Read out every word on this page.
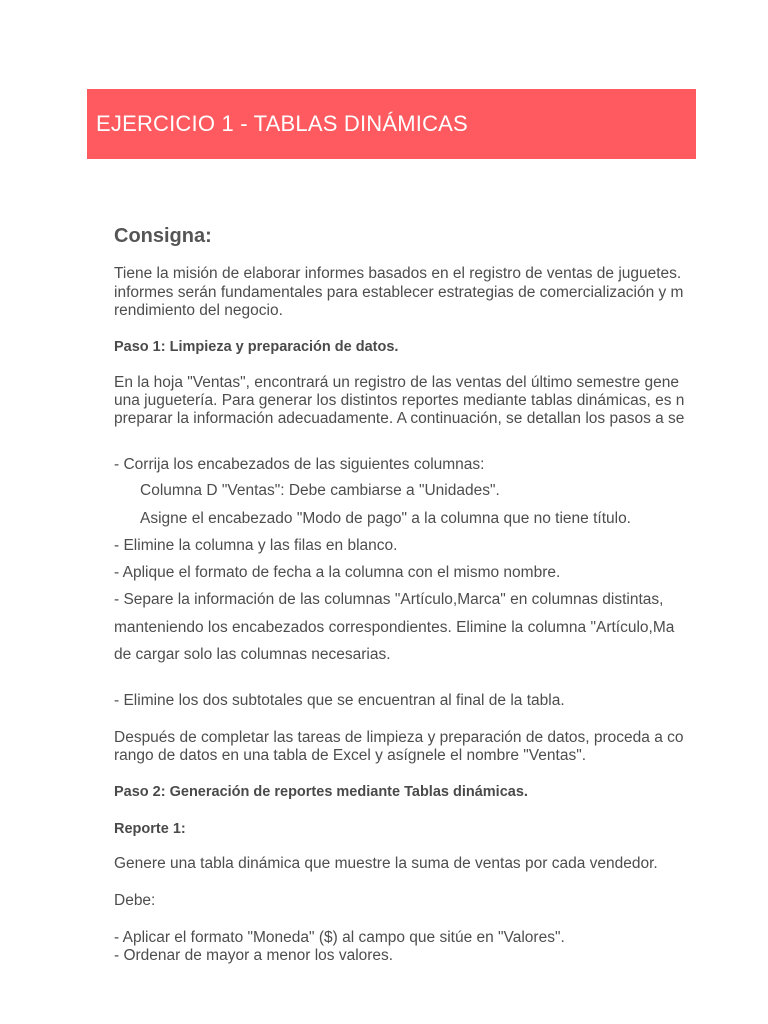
EJERCICIO 1 - TABLAS DINÁMICAS
Consigna:
Tiene la misión de elaborar informes basados en el registro de ventas de juguetes.
informes serán fundamentales para establecer estrategias de comercialización y m
rendimiento del negocio.
Paso 1: Limpieza y preparación de datos.
En la hoja "Ventas", encontrará un registro de las ventas del último semestre gene
una juguetería. Para generar los distintos reportes mediante tablas dinámicas, es n
preparar la información adecuadamente. A continuación, se detallan los pasos a se
- Corrija los encabezados de las siguientes columnas:
Columna D "Ventas": Debe cambiarse a "Unidades".
Asigne el encabezado "Modo de pago" a la columna que no tiene título.
- Elimine la columna y las filas en blanco.
- Aplique el formato de fecha a la columna con el mismo nombre.
- Separe la información de las columnas "Artículo,Marca" en columnas distintas,
manteniendo los encabezados correspondientes. Elimine la columna "Artículo,Ma
de cargar solo las columnas necesarias.
- Elimine los dos subtotales que se encuentran al final de la tabla.
Después de completar las tareas de limpieza y preparación de datos, proceda a co
rango de datos en una tabla de Excel y asígnele el nombre "Ventas".
Paso 2: Generación de reportes mediante Tablas dinámicas.
Reporte 1:
Genere una tabla dinámica que muestre la suma de ventas por cada vendedor.
Debe:
- Aplicar el formato "Moneda" ($) al campo que sitúe en "Valores".
- Ordenar de mayor a menor los valores.
